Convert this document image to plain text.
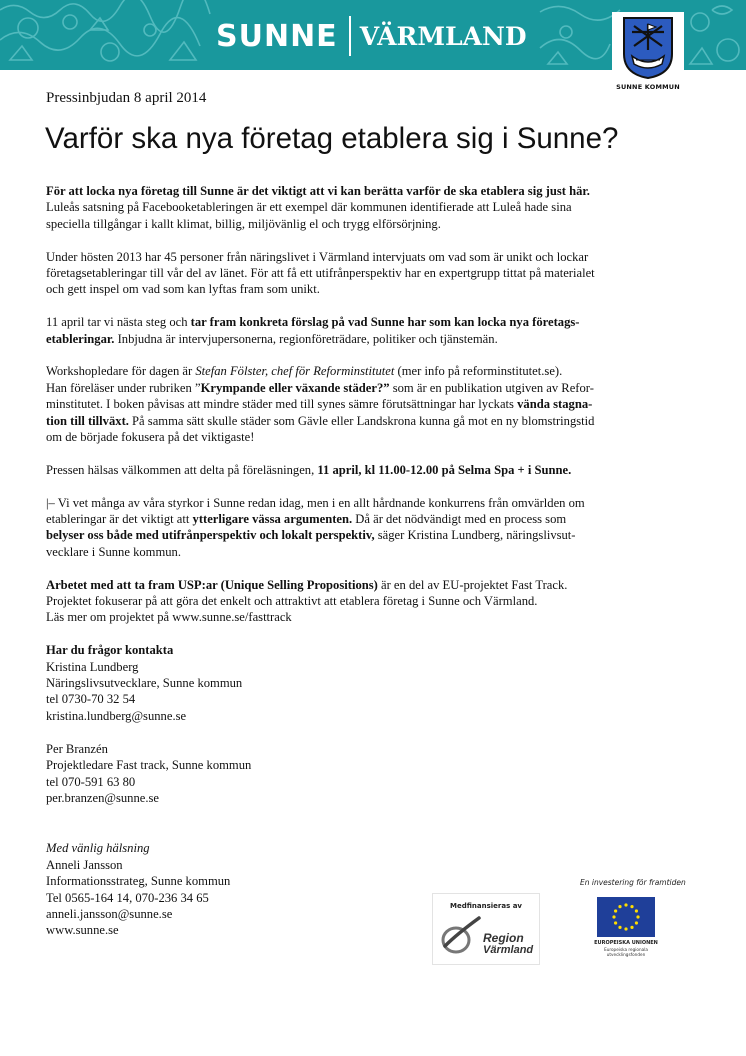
SUNNE VÄRMLAND
SUNNE KOMMUN
Pressinbjudan 8 april 2014
Varför ska nya företag etablera sig i Sunne?

För att locka nya företag till Sunne är det viktigt att vi kan berätta varför de ska etablera sig just här.
Luleås satsning på Facebooketableringen är ett exempel där kommunen identifierade att Luleå hade sina
speciella tillgångar i kallt klimat, billig, miljövänlig el och trygg elförsörjning.

Under hösten 2013 har 45 personer från näringslivet i Värmland intervjuats om vad som är unikt och lockar
företagsetableringar till vår del av länet. För att få ett utifrånperspektiv har en expertgrupp tittat på materialet
och gett inspel om vad som kan lyftas fram som unikt.

11 april tar vi nästa steg och tar fram konkreta förslag på vad Sunne har som kan locka nya företags-
etableringar. Inbjudna är intervjupersonerna, regionföreträdare, politiker och tjänstemän.

Workshopledare för dagen är Stefan Fölster, chef för Reforminstitutet (mer info på reforminstitutet.se).
Han föreläser under rubriken ”Krympande eller växande städer?” som är en publikation utgiven av Refor-
minstitutet. I boken påvisas att mindre städer med till synes sämre förutsättningar har lyckats vända stagna-
tion till tillväxt. På samma sätt skulle städer som Gävle eller Landskrona kunna gå mot en ny blomstringstid
om de började fokusera på det viktigaste!

Pressen hälsas välkommen att delta på föreläsningen, 11 april, kl 11.00-12.00 på Selma Spa + i Sunne.

|– Vi vet många av våra styrkor i Sunne redan idag, men i en allt hårdnande konkurrens från omvärlden om
etableringar är det viktigt att ytterligare vässa argumenten. Då är det nödvändigt med en process som
belyser oss både med utifrånperspektiv och lokalt perspektiv, säger Kristina Lundberg, näringslivsut-
vecklare i Sunne kommun.

Arbetet med att ta fram USP:ar (Unique Selling Propositions) är en del av EU-projektet Fast Track.
Projektet fokuserar på att göra det enkelt och attraktivt att etablera företag i Sunne och Värmland.
Läs mer om projektet på www.sunne.se/fasttrack

Har du frågor kontakta
Kristina Lundberg
Näringslivsutvecklare, Sunne kommun
tel 0730-70 32 54
kristina.lundberg@sunne.se

Per Branzén
Projektledare Fast track, Sunne kommun
tel 070-591 63 80
per.branzen@sunne.se

Med vänlig hälsning
Anneli Jansson
Informationsstrateg, Sunne kommun
Tel 0565-164 14, 070-236 34 65
anneli.jansson@sunne.se
www.sunne.se

Medfinansieras av
Region
Värmland
En investering för framtiden
EUROPEISKA UNIONEN
Europeiska regionala
utvecklingsfonden
